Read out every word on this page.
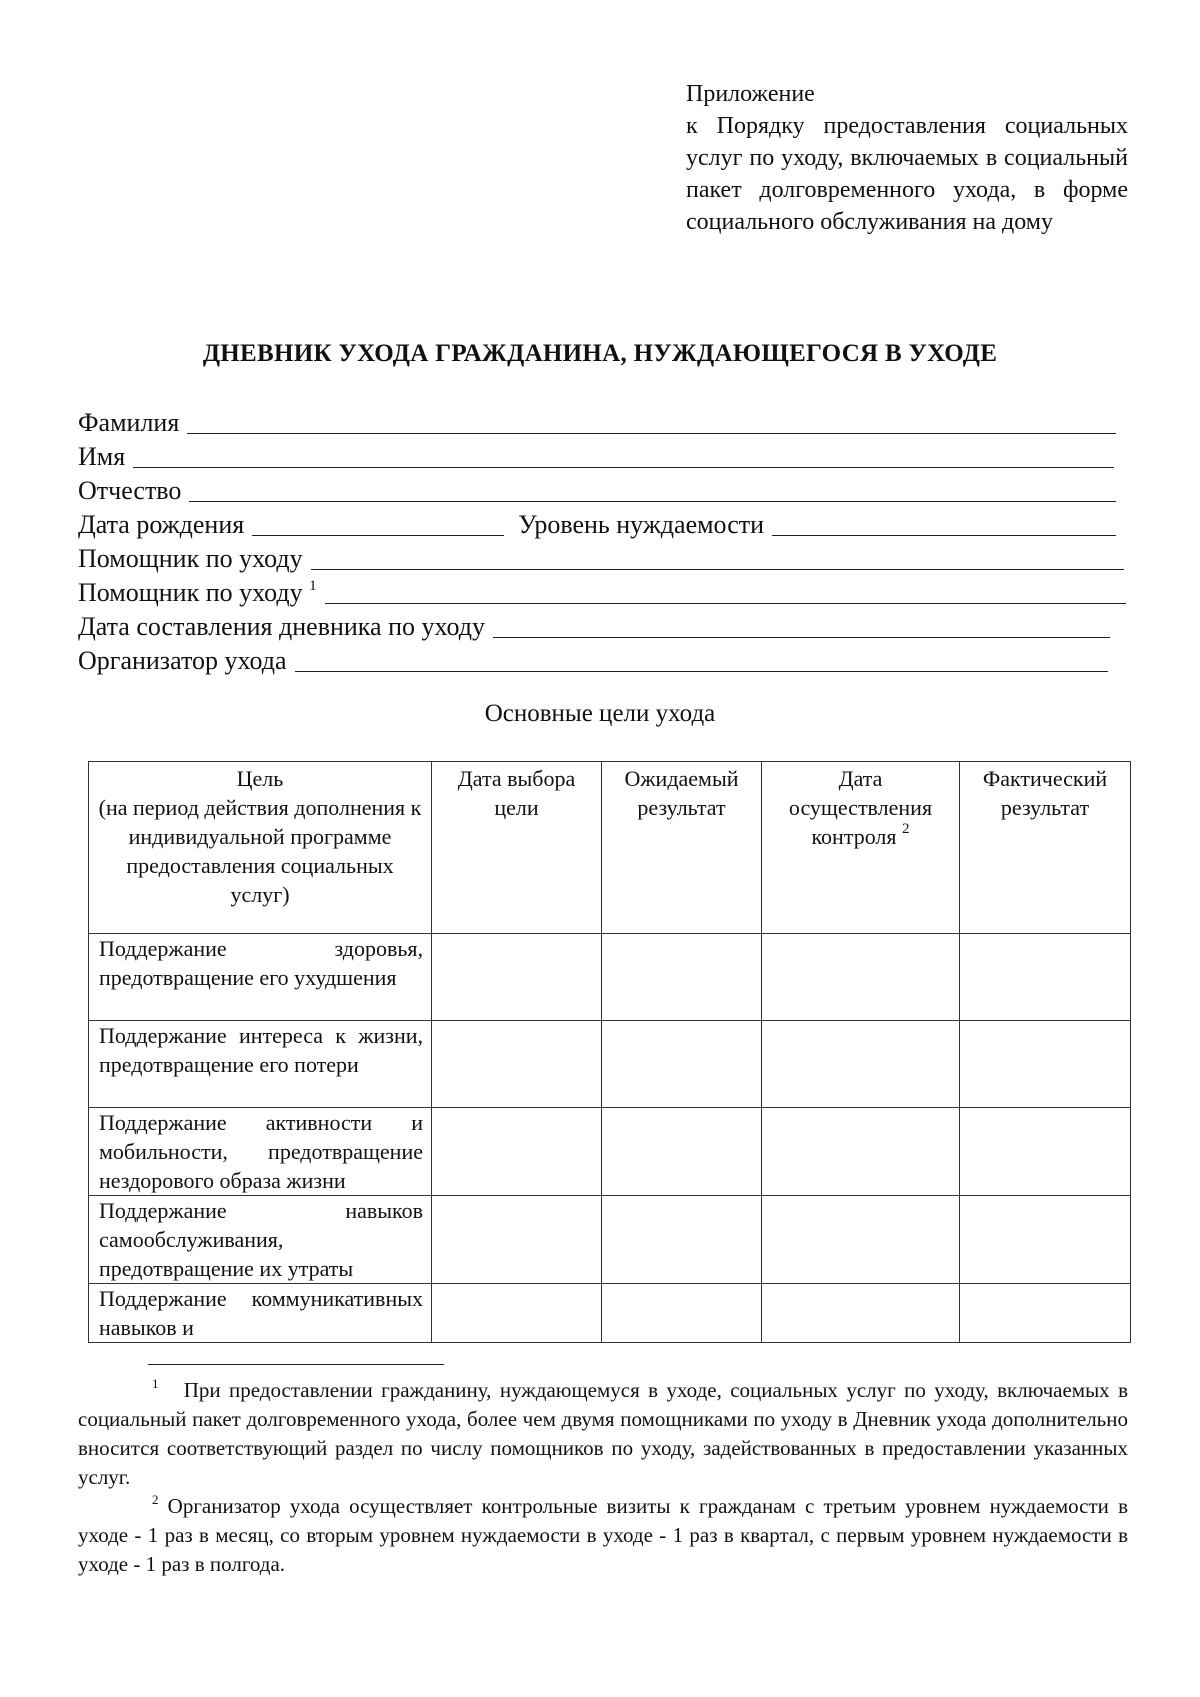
Приложение
к Порядку предоставления социальных услуг по уходу, включаемых в социальный пакет долговременного ухода, в форме социального обслуживания на дому
ДНЕВНИК УХОДА ГРАЖДАНИНА, НУЖДАЮЩЕГОСЯ В УХОДЕ
Фамилия
Имя
Отчество
Дата рождения	Уровень нуждаемости
Помощник по уходу
Помощник по уходу $^1$
Дата составления дневника по уходу
Организатор ухода
Основные цели ухода
Цель
(на период действия дополнения к индивидуальной программе предоставления социальных услуг)	Дата выбора цели	Ожидаемый результат	Дата осуществления контроля $^2$	Фактический результат
Поддержание здоровья, предотвращение его ухудшения				
Поддержание интереса к жизни, предотвращение его потери				
Поддержание активности и мобильности, предотвращение нездорового образа жизни				
Поддержание навыков самообслуживания, предотвращение их утраты				
Поддержание коммуникативных навыков и				

$^1$ При предоставлении гражданину, нуждающемуся в уходе, социальных услуг по уходу, включаемых в социальный пакет долговременного ухода, более чем двумя помощниками по уходу в Дневник ухода дополнительно вносится соответствующий раздел по числу помощников по уходу, задействованных в предоставлении указанных услуг.

$^2$ Организатор ухода осуществляет контрольные визиты к гражданам с третьим уровнем нуждаемости в уходе - 1 раз в месяц, со вторым уровнем нуждаемости в уходе - 1 раз в квартал, с первым уровнем нуждаемости в уходе - 1 раз в полгода.
